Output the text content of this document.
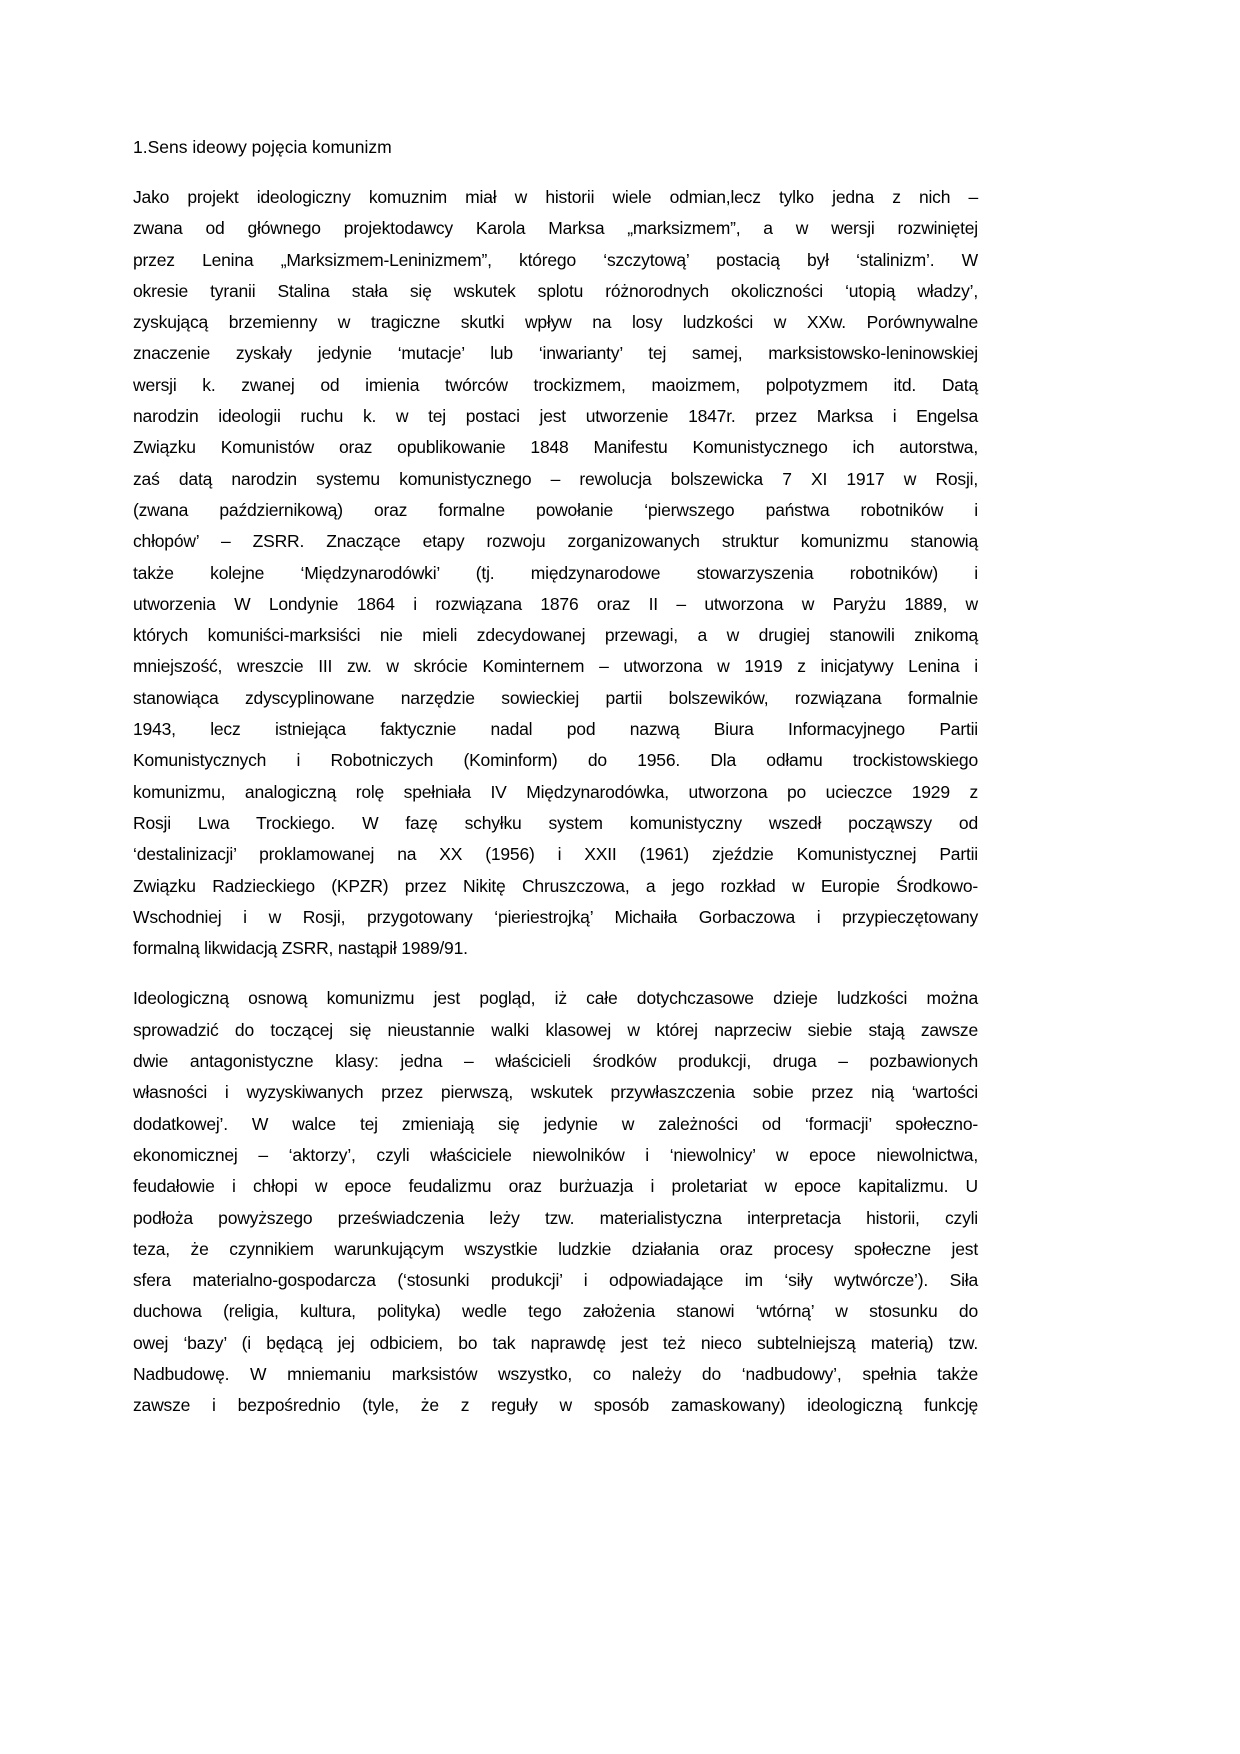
1.Sens ideowy pojęcia komunizm
Jako projekt ideologiczny komuznim miał w historii wiele odmian,lecz tylko jedna z nich –
zwana od głównego projektodawcy Karola Marksa „marksizmem”, a w wersji rozwiniętej
przez Lenina „Marksizmem-Leninizmem”, którego ‘szczytową’ postacią był ‘stalinizm’. W
okresie tyranii Stalina stała się wskutek splotu różnorodnych okoliczności ‘utopią władzy’,
zyskującą brzemienny w tragiczne skutki wpływ na losy ludzkości w XXw. Porównywalne
znaczenie zyskały jedynie ‘mutacje’ lub ‘inwarianty’ tej samej, marksistowsko-leninowskiej
wersji k. zwanej od imienia twórców trockizmem, maoizmem, polpotyzmem itd. Datą
narodzin ideologii ruchu k. w tej postaci jest utworzenie 1847r. przez Marksa i Engelsa
Związku Komunistów oraz opublikowanie 1848 Manifestu Komunistycznego ich autorstwa,
zaś datą narodzin systemu komunistycznego – rewolucja bolszewicka 7 XI 1917 w Rosji,
(zwana październikową) oraz formalne powołanie ‘pierwszego państwa robotników i
chłopów’ – ZSRR. Znaczące etapy rozwoju zorganizowanych struktur komunizmu stanowią
także kolejne ‘Międzynarodówki’ (tj. międzynarodowe stowarzyszenia robotników) i
utworzenia W Londynie 1864 i rozwiązana 1876 oraz II – utworzona w Paryżu 1889, w
których komuniści-marksiści nie mieli zdecydowanej przewagi, a w drugiej stanowili znikomą
mniejszość, wreszcie III zw. w skrócie Kominternem – utworzona w 1919 z inicjatywy Lenina i
stanowiąca zdyscyplinowane narzędzie sowieckiej partii bolszewików, rozwiązana formalnie
1943, lecz istniejąca faktycznie nadal pod nazwą Biura Informacyjnego Partii
Komunistycznych i Robotniczych (Kominform) do 1956. Dla odłamu trockistowskiego
komunizmu, analogiczną rolę spełniała IV Międzynarodówka, utworzona po ucieczce 1929 z
Rosji Lwa Trockiego. W fazę schyłku system komunistyczny wszedł począwszy od
‘destalinizacji’ proklamowanej na XX (1956) i XXII (1961) zjeździe Komunistycznej Partii
Związku Radzieckiego (KPZR) przez Nikitę Chruszczowa, a jego rozkład w Europie Środkowo-
Wschodniej i w Rosji, przygotowany ‘pieriestrojką’ Michaiła Gorbaczowa i przypieczętowany
formalną likwidacją ZSRR, nastąpił 1989/91.
Ideologiczną osnową komunizmu jest pogląd, iż całe dotychczasowe dzieje ludzkości można
sprowadzić do toczącej się nieustannie walki klasowej w której naprzeciw siebie stają zawsze
dwie antagonistyczne klasy: jedna – właścicieli środków produkcji, druga – pozbawionych
własności i wyzyskiwanych przez pierwszą, wskutek przywłaszczenia sobie przez nią ‘wartości
dodatkowej’. W walce tej zmieniają się jedynie w zależności od ‘formacji’ społeczno-
ekonomicznej – ‘aktorzy’, czyli właściciele niewolników i ‘niewolnicy’ w epoce niewolnictwa,
feudałowie i chłopi w epoce feudalizmu oraz burżuazja i proletariat w epoce kapitalizmu. U
podłoża powyższego przeświadczenia leży tzw. materialistyczna interpretacja historii, czyli
teza, że czynnikiem warunkującym wszystkie ludzkie działania oraz procesy społeczne jest
sfera materialno-gospodarcza (‘stosunki produkcji’ i odpowiadające im ‘siły wytwórcze’). Siła
duchowa (religia, kultura, polityka) wedle tego założenia stanowi ‘wtórną’ w stosunku do
owej ‘bazy’ (i będącą jej odbiciem, bo tak naprawdę jest też nieco subtelniejszą materią) tzw.
Nadbudowę. W mniemaniu marksistów wszystko, co należy do ‘nadbudowy’, spełnia także
zawsze i bezpośrednio (tyle, że z reguły w sposób zamaskowany) ideologiczną funkcję
